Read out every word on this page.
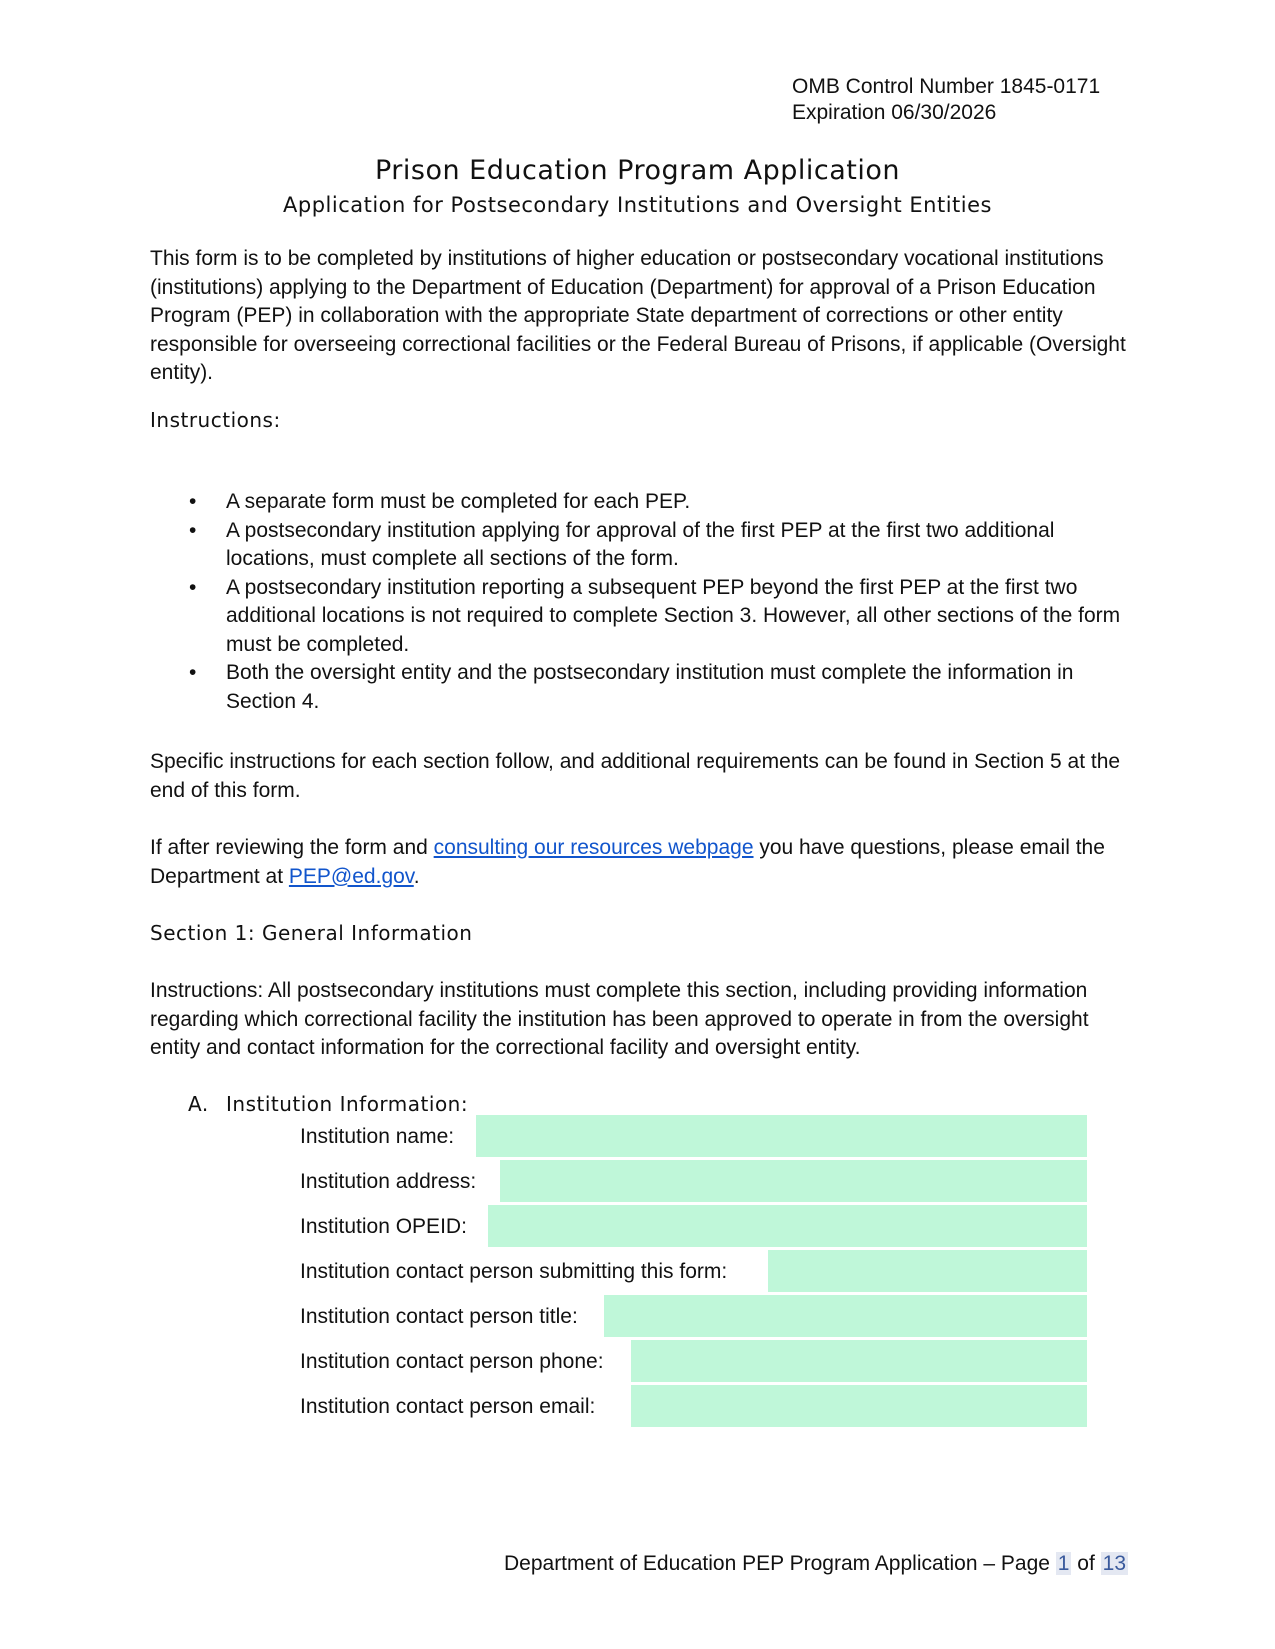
OMB Control Number 1845-0171
Expiration 06/30/2026
Prison Education Program Application
Application for Postsecondary Institutions and Oversight Entities

This form is to be completed by institutions of higher education or postsecondary vocational institutions (institutions) applying to the Department of Education (Department) for approval of a Prison Education Program (PEP) in collaboration with the appropriate State department of corrections or other entity responsible for overseeing correctional facilities or the Federal Bureau of Prisons, if applicable (Oversight entity).

Instructions:
• A separate form must be completed for each PEP.
• A postsecondary institution applying for approval of the first PEP at the first two additional locations, must complete all sections of the form.
• A postsecondary institution reporting a subsequent PEP beyond the first PEP at the first two additional locations is not required to complete Section 3. However, all other sections of the form must be completed.
• Both the oversight entity and the postsecondary institution must complete the information in Section 4.

Specific instructions for each section follow, and additional requirements can be found in Section 5 at the end of this form.

If after reviewing the form and consulting our resources webpage you have questions, please email the Department at PEP@ed.gov.

Section 1: General Information

Instructions: All postsecondary institutions must complete this section, including providing information regarding which correctional facility the institution has been approved to operate in from the oversight entity and contact information for the correctional facility and oversight entity.

A. Institution Information:
Institution name:
Institution address:
Institution OPEID:
Institution contact person submitting this form:
Institution contact person title:
Institution contact person phone:
Institution contact person email:
Department of Education PEP Program Application – Page 1 of 13
